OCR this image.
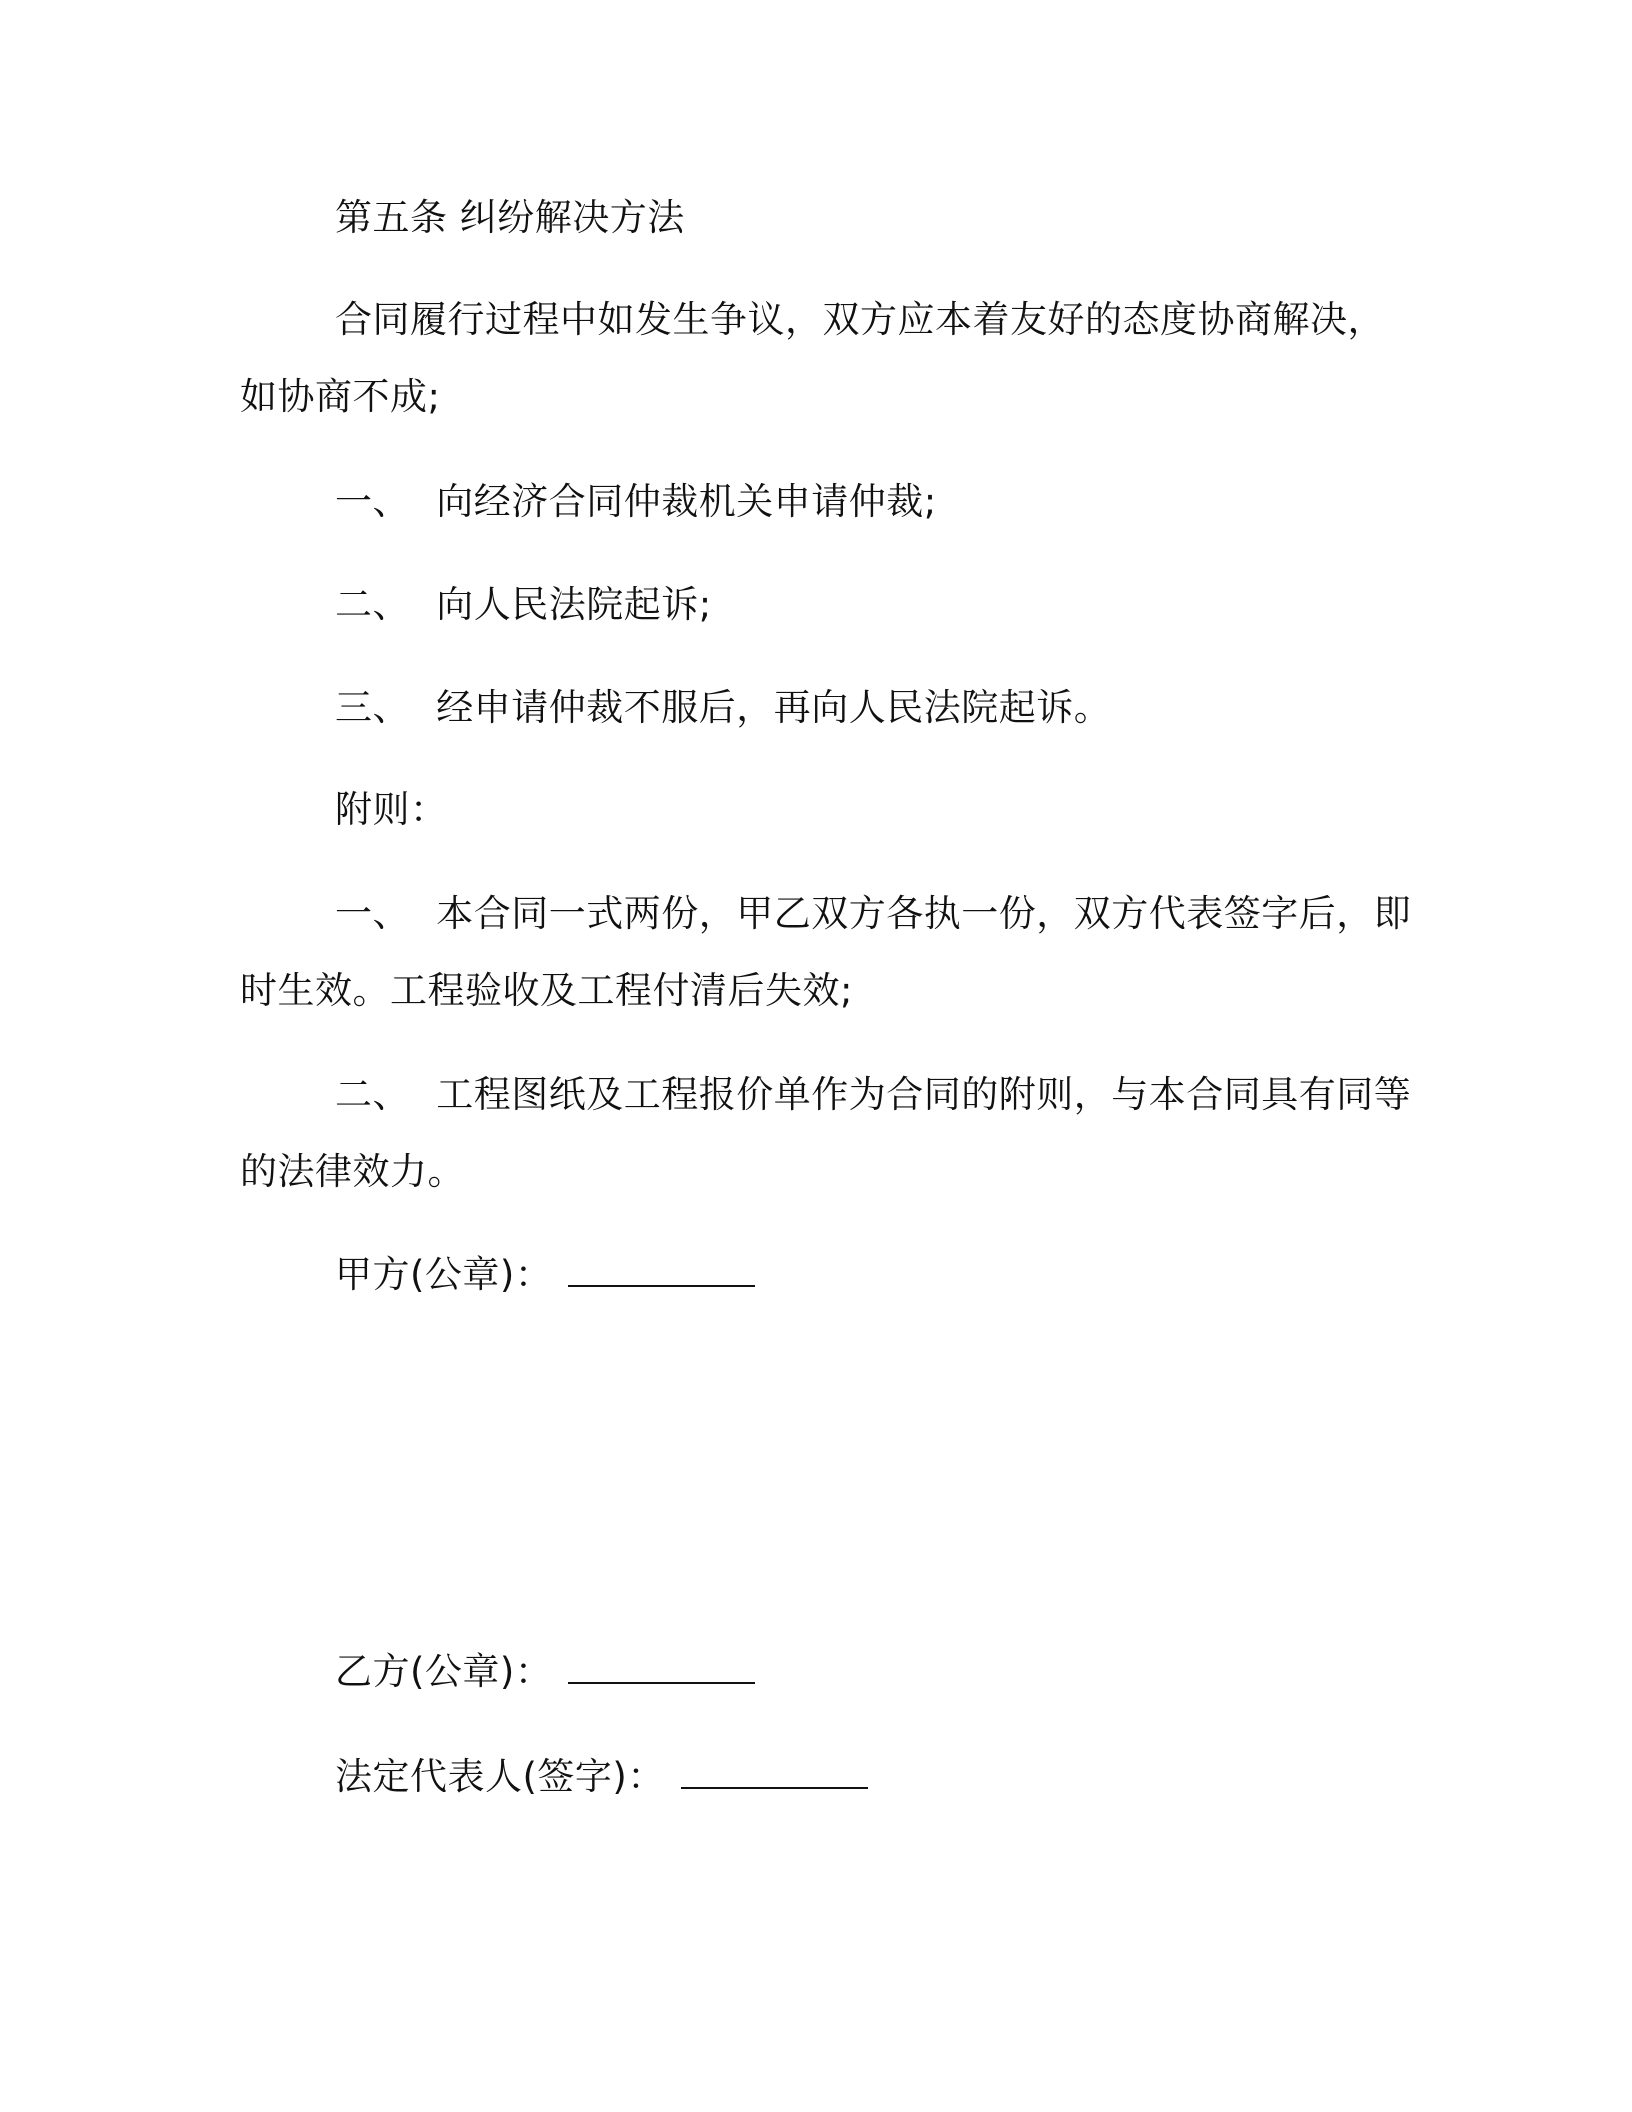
第五条 纠纷解决方法

合同履行过程中如发生争议，双方应本着友好的态度协商解决，

如协商不成;

一、 向经济合同仲裁机关申请仲裁;

二、 向人民法院起诉;

三、 经申请仲裁不服后，再向人民法院起诉。

附则：

一、 本合同一式两份，甲乙双方各执一份，双方代表签字后，即

时生效。工程验收及工程付清后失效;

二、 工程图纸及工程报价单作为合同的附则，与本合同具有同等

的法律效力。

甲方(公章)：

乙方(公章)：

法定代表人(签字)：
